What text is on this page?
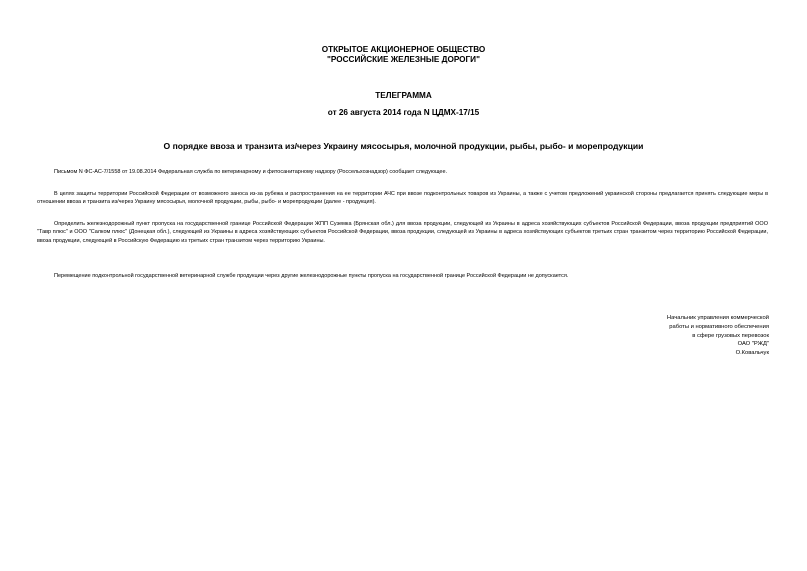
ОТКРЫТОЕ АКЦИОНЕРНОЕ ОБЩЕСТВО
"РОССИЙСКИЕ ЖЕЛЕЗНЫЕ ДОРОГИ"
ТЕЛЕГРАММА
от 26 августа 2014 года N ЦДМХ-17/15
О порядке ввоза и транзита из/через Украину мясосырья, молочной продукции, рыбы, рыбо- и морепродукции

Письмом N ФС-АС-7/1558 от 19.08.2014 Федеральная служба по ветеринарному и фитосанитарному надзору (Россельхознадзор) сообщает следующее.

В целях защиты территории Российской Федерации от возможного заноса из-за рубежа и распространения на ее территории АЧС при ввозе подконтрольных товаров из Украины, а также с учетом предложений украинской стороны предлагается принять следующие меры в отношении ввоза и транзита из/через Украину мясосырья, молочной продукции, рыбы, рыбо- и морепродукции (далее - продукция).

Определить железнодорожный пункт пропуска на государственной границе Российской Федерации ЖПП Суземка (Брянская обл.) для ввоза продукции, следующей из Украины в адреса хозяйствующих субъектов Российской Федерации, ввоза продукции предприятий ООО "Тавр плюс" и ООО "Салком плюс" (Донецкая обл.), следующей из Украины в адреса хозяйствующих субъектов Российской Федерации, ввоза продукции, следующей из Украины в адреса хозяйствующих субъектов третьих стран транзитом через территорию Российской Федерации, ввоза продукции, следующей в Российскую Федерацию из третьих стран транзитом через территорию Украины.

Перемещение подконтрольной государственной ветеринарной службе продукции через другие железнодорожные пункты пропуска на государственной границе Российской Федерации не допускается.

Начальник управления коммерческой
работы и нормативного обеспечения
в сфере грузовых перевозок
ОАО "РЖД"
О.Ковальчук
